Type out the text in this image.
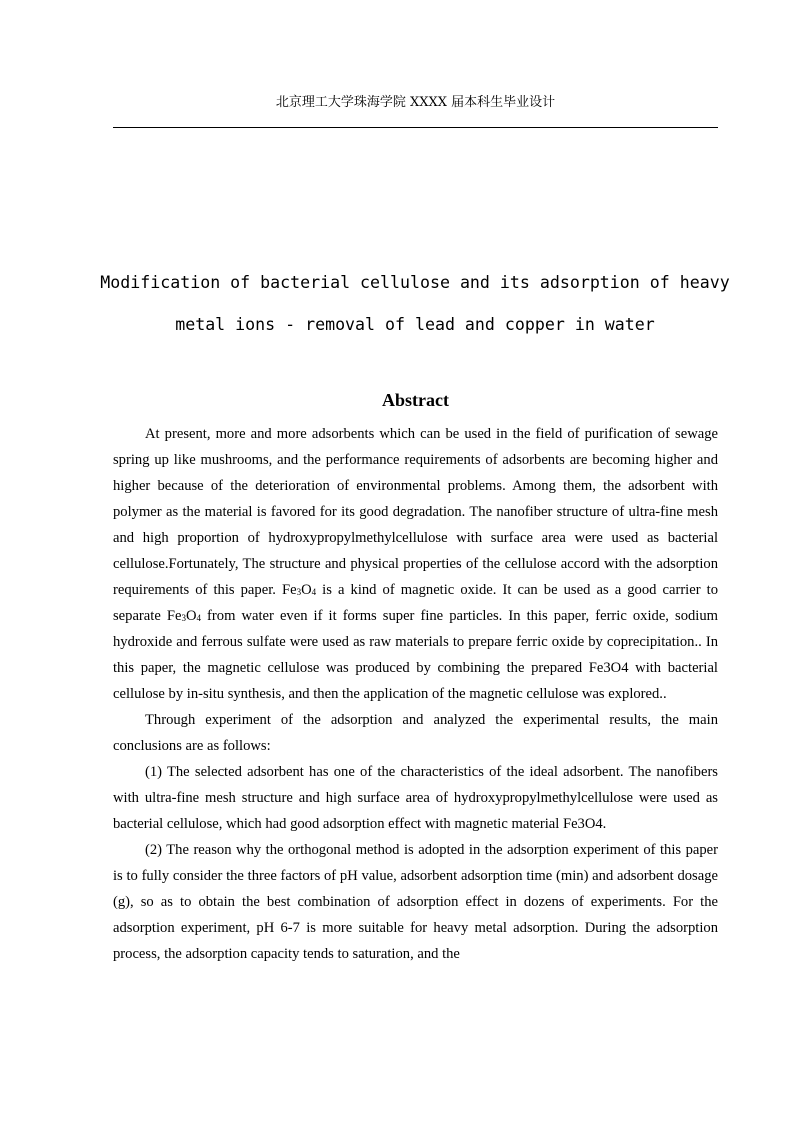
北京理工大学珠海学院 XXXX 届本科生毕业设计
Modification of bacterial cellulose and its adsorption of heavy
metal ions - removal of lead and copper in water
Abstract

At present, more and more adsorbents which can be used in the field of purification of sewage spring up like mushrooms, and the performance requirements of adsorbents are becoming higher and higher because of the deterioration of environmental problems. Among them, the adsorbent with polymer as the material is favored for its good degradation. The nanofiber structure of ultra-fine mesh and high proportion of hydroxypropylmethylcellulose with surface area were used as bacterial cellulose.Fortunately, The structure and physical properties of the cellulose accord with the adsorption requirements of this paper. $Fe_3O_4$ is a kind of magnetic oxide. It can be used as a good carrier to separate $Fe_3O_4$ from water even if it forms super fine particles. In this paper, ferric oxide, sodium hydroxide and ferrous sulfate were used as raw materials to prepare ferric oxide by coprecipitation.. In this paper, the magnetic cellulose was produced by combining the prepared Fe3O4 with bacterial cellulose by in-situ synthesis, and then the application of the magnetic cellulose was explored..

Through experiment of the adsorption and analyzed the experimental results, the main conclusions are as follows:

(1) The selected adsorbent has one of the characteristics of the ideal adsorbent. The nanofibers with ultra-fine mesh structure and high surface area of hydroxypropylmethylcellulose were used as bacterial cellulose, which had good adsorption effect with magnetic material Fe3O4.

(2) The reason why the orthogonal method is adopted in the adsorption experiment of this paper is to fully consider the three factors of pH value, adsorbent adsorption time (min) and adsorbent dosage (g), so as to obtain the best combination of adsorption effect in dozens of experiments. For the adsorption experiment, pH 6-7 is more suitable for heavy metal adsorption. During the adsorption process, the adsorption capacity tends to saturation, and the
